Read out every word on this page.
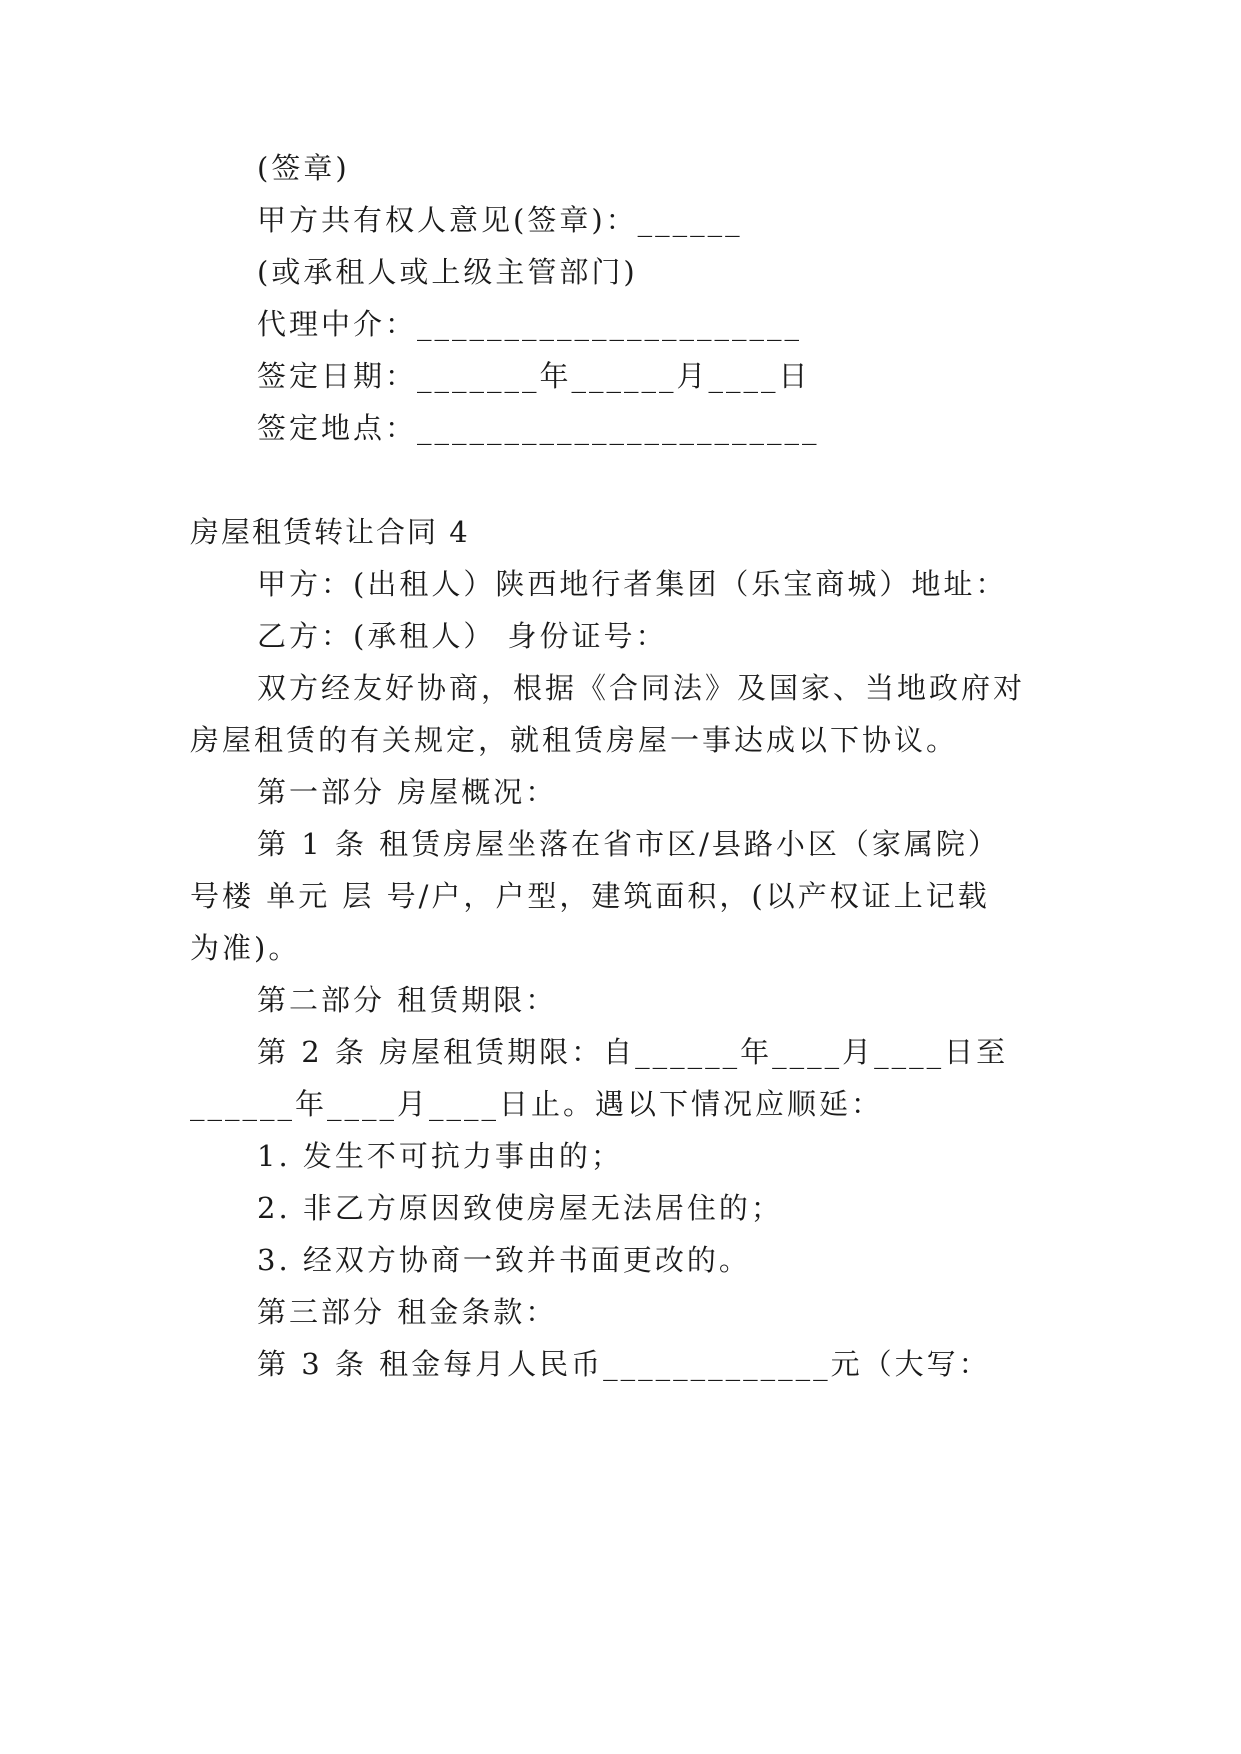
(签章)
甲方共有权人意见(签章)：______
(或承租人或上级主管部门)
代理中介：______________________
签定日期：_______年______月____日
签定地点：_______________________
房屋租赁转让合同 4
甲方：(出租人）陕西地行者集团（乐宝商城）地址：
乙方：(承租人） 身份证号：
双方经友好协商，根据《合同法》及国家、当地政府对
房屋租赁的有关规定，就租赁房屋一事达成以下协议。
第一部分 房屋概况：
第 1 条 租赁房屋坐落在省市区/县路小区（家属院）
号楼 单元 层 号/户，户型，建筑面积，(以产权证上记载
为准)。
第二部分 租赁期限：
第 2 条 房屋租赁期限：自______年____月____日至
______年____月____日止。遇以下情况应顺延：
1. 发生不可抗力事由的；
2. 非乙方原因致使房屋无法居住的；
3. 经双方协商一致并书面更改的。
第三部分 租金条款：
第 3 条 租金每月人民币_____________元（大写：
